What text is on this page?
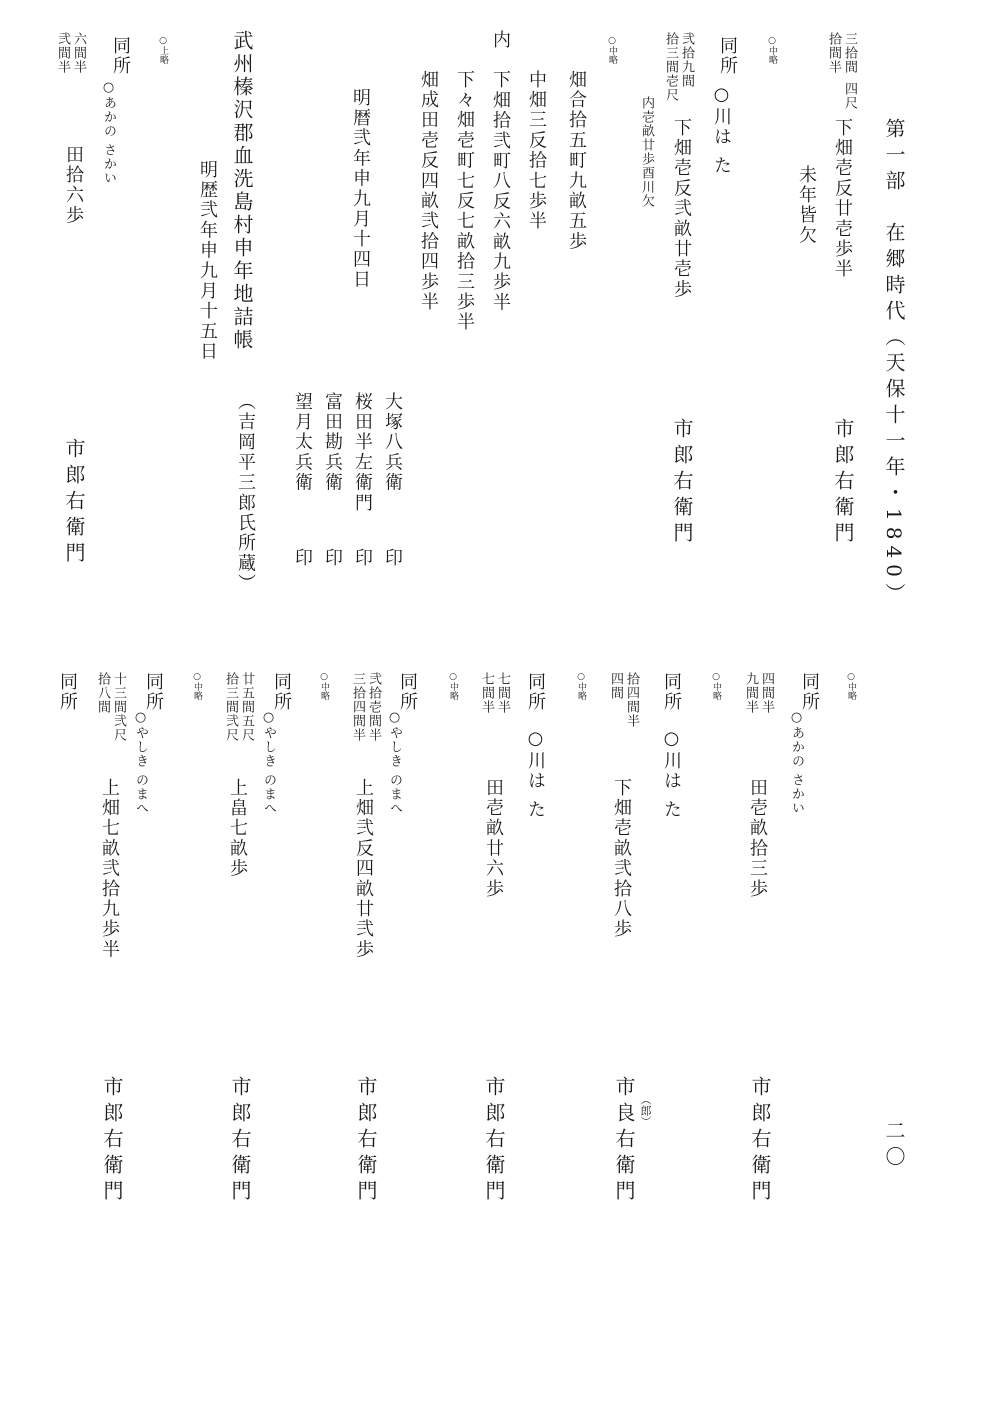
第一部　在郷時代（天保十一年・1840）
三拾間
四尺
拾間半
下畑壱反廿壱歩半
未年皆欠
市郎右衛門
○中略
同所
○川は た
弐拾九間
拾三間壱尺
下畑壱反弐畝廿壱歩
内壱畝廿歩酉川欠
市郎右衛門
○中略
畑合拾五町九畝五歩
中畑三反拾七歩半
内　下畑拾弐町八反六畝九歩半
下々畑壱町七反七畝拾三歩半
畑成田壱反四畝弐拾四歩半
明暦弐年申九月十四日
大塚八兵衛
印
桜田半左衛門
印
富田勘兵衛
印
望月太兵衛
印
武州榛沢郡血洗島村申年地詰帳
（吉岡平三郎氏所蔵）
明歴弐年申九月十五日
○上略
同所
○あかの さかい
六間半
弐間半
田拾六歩
市郎右衛門
○中略
同所
○あかの さかい
四間半
九間半
田壱畝拾三歩
市郎右衛門
○中略
同所
○川は た
拾四間半
四間
下畑壱畝弐拾八歩
（郎）
市良右衛門
○中略
同所
○川は た
七間半
七間半
田壱畝廿六歩
市郎右衛門
○中略
同所
○やしき のまへ
弐拾壱間半
三拾四間半
上畑弐反四畝廿弐歩
市郎右衛門
○中略
同所
○やしき のまへ
廿五間五尺
拾三間弐尺
上畠七畝歩
市郎右衛門
○中略
同所
○やしき のまへ
十三間弐尺
拾八間
上畑七畝弐拾九歩半
市郎右衛門
同所
二〇
